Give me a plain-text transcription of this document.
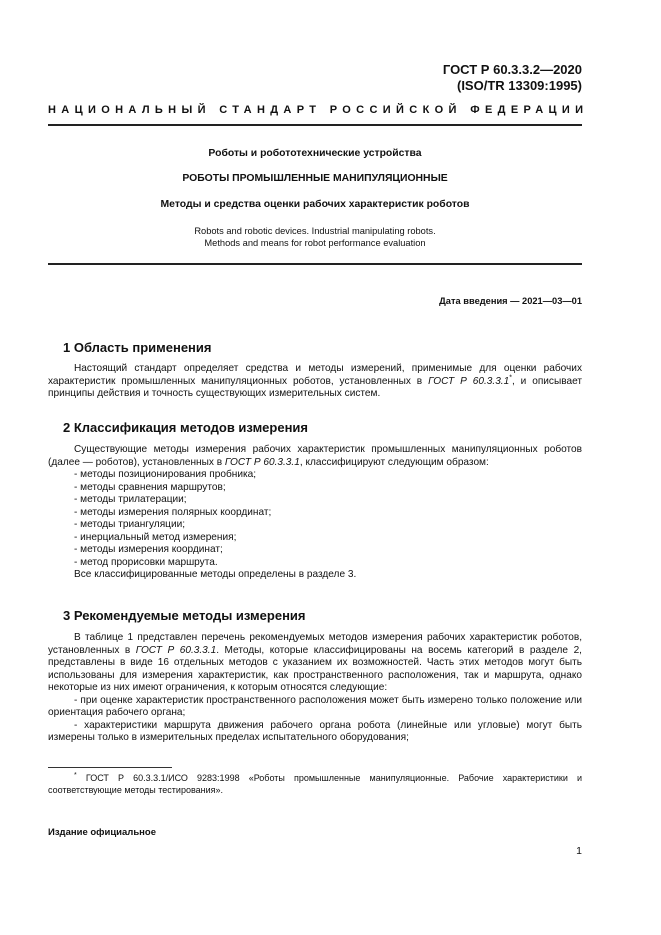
ГОСТ Р 60.3.3.2—2020
(ISO/TR 13309:1995)
НАЦИОНАЛЬНЫЙ СТАНДАРТ РОССИЙСКОЙ ФЕДЕРАЦИИ
Роботы и робототехнические устройства
РОБОТЫ ПРОМЫШЛЕННЫЕ МАНИПУЛЯЦИОННЫЕ
Методы и средства оценки рабочих характеристик роботов
Robots and robotic devices. Industrial manipulating robots.
Methods and means for robot performance evaluation
Дата введения — 2021—03—01
1 Область применения

Настоящий стандарт определяет средства и методы измерений, применимые для оценки рабочих характеристик промышленных манипуляционных роботов, установленных в ГОСТ Р 60.3.3.1*, и описывает принципы действия и точность существующих измерительных систем.

2 Классификация методов измерения

Существующие методы измерения рабочих характеристик промышленных манипуляционных роботов (далее — роботов), установленных в ГОСТ Р 60.3.3.1, классифицируют следующим образом:

- методы позиционирования пробника;
- методы сравнения маршрутов;
- методы трилатерации;
- методы измерения полярных координат;
- методы триангуляции;
- инерциальный метод измерения;
- методы измерения координат;
- метод прорисовки маршрута.
Все классифицированные методы определены в разделе 3.
3 Рекомендуемые методы измерения

В таблице 1 представлен перечень рекомендуемых методов измерения рабочих характеристик роботов, установленных в ГОСТ Р 60.3.3.1. Методы, которые классифицированы на восемь категорий в разделе 2, представлены в виде 16 отдельных методов с указанием их возможностей. Часть этих методов могут быть использованы для измерения характеристик, как пространственного расположения, так и маршрута, однако некоторые из них имеют ограничения, к которым относятся следующие:

- при оценке характеристик пространственного расположения может быть измерено только положение или ориентация рабочего органа;

- характеристики маршрута движения рабочего органа робота (линейные или угловые) могут быть измерены только в измерительных пределах испытательного оборудования;

* ГОСТ Р 60.3.3.1/ИСО 9283:1998 «Роботы промышленные манипуляционные. Рабочие характеристики и соответствующие методы тестирования».

Издание официальное
1
